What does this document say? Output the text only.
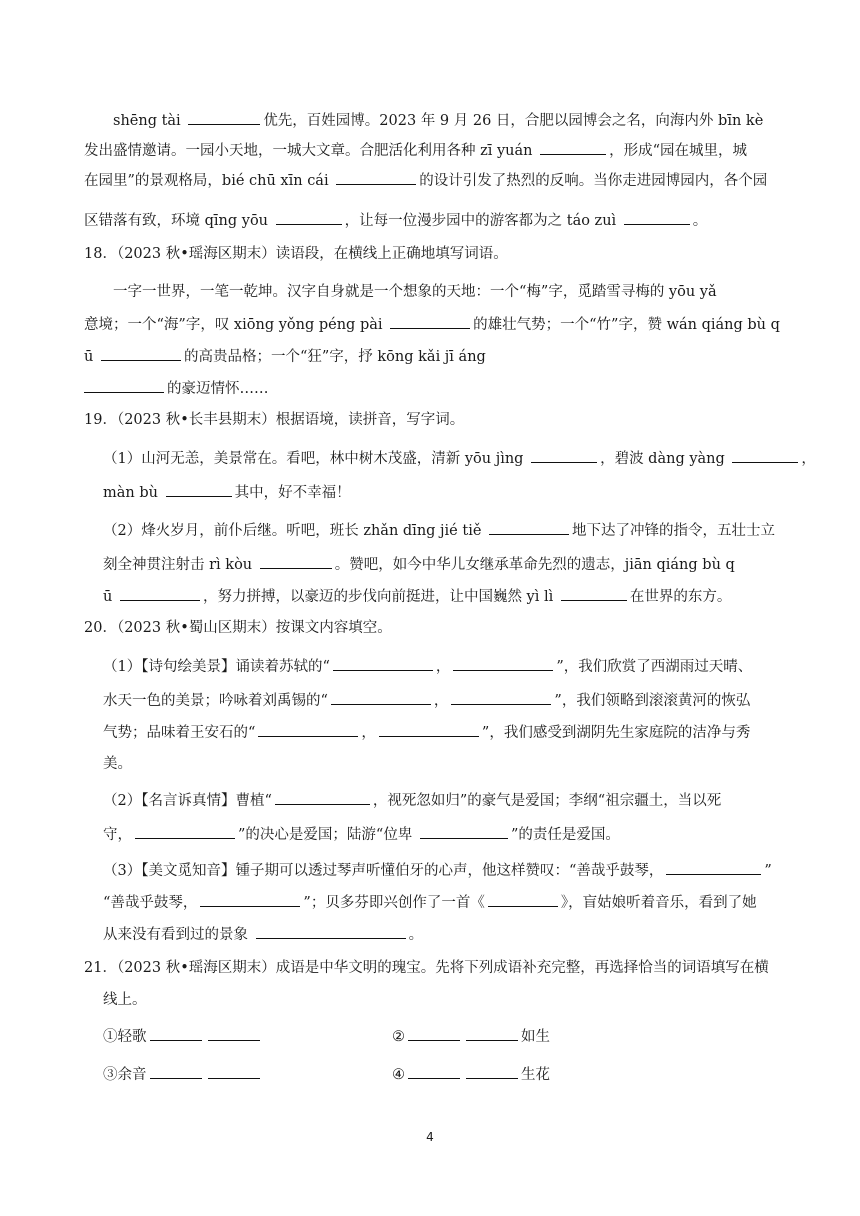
shēng tài	优先，百姓园博。2023 年 9 月 26 日，合肥以园博会之名，向海内外 bīn kè
发出盛情邀请。一园小天地，一城大文章。合肥活化利用各种 zī yuán	，形成“园在城里，城
在园里”的景观格局，bié chū xīn cái	的设计引发了热烈的反响。当你走进园博园内，各个园
区错落有致，环境 qīng yōu	，让每一位漫步园中的游客都为之 táo zuì	。
18．（2023 秋•瑶海区期末）读语段，在横线上正确地填写词语。
一字一世界，一笔一乾坤。汉字自身就是一个想象的天地：一个“梅”字，觅踏雪寻梅的 yōu yǎ
意境；一个“海”字，叹 xiōng yǒng péng pài	的雄壮气势；一个“竹”字，赞 wán qiáng bù q
ū	的高贵品格；一个“狂”字，抒 kōng kǎi jī áng
的豪迈情怀……
19．（2023 秋•长丰县期末）根据语境，读拼音，写字词。
（1）山河无恙，美景常在。看吧，林中树木茂盛，清新 yōu jìng	，碧波 dàng yàng	，
màn bù	其中，好不幸福！
（2）烽火岁月，前仆后继。听吧，班长 zhǎn dīng jié tiě	地下达了冲锋的指令，五壮士立
刻全神贯注射击 rì kòu	。赞吧，如今中华儿女继承革命先烈的遗志，jiān qiáng bù q
ū	，努力拼搏，以豪迈的步伐向前挺进，让中国巍然 yì lì	在世界的东方。
20．（2023 秋•蜀山区期末）按课文内容填空。
（1）【诗句绘美景】诵读着苏轼的“	，	”，我们欣赏了西湖雨过天晴、
水天一色的美景；吟咏着刘禹锡的“	，	”，我们领略到滚滚黄河的恢弘
气势；品味着王安石的“	，	”，我们感受到湖阴先生家庭院的洁净与秀
美。
（2）【名言诉真情】曹植“	，视死忽如归”的豪气是爱国；李纲“祖宗疆土，当以死
守，	”的决心是爱国；陆游“位卑	”的责任是爱国。
（3）【美文觅知音】锺子期可以透过琴声听懂伯牙的心声，他这样赞叹：“善哉乎鼓琴，	”
“善哉乎鼓琴，	”；贝多芬即兴创作了一首《	》，盲姑娘听着音乐，看到了她
从来没有看到过的景象	。
21．（2023 秋•瑶海区期末）成语是中华文明的瑰宝。先将下列成语补充完整，再选择恰当的词语填写在横
线上。
①轻歌	②	如生
③余音	④	生花
4
